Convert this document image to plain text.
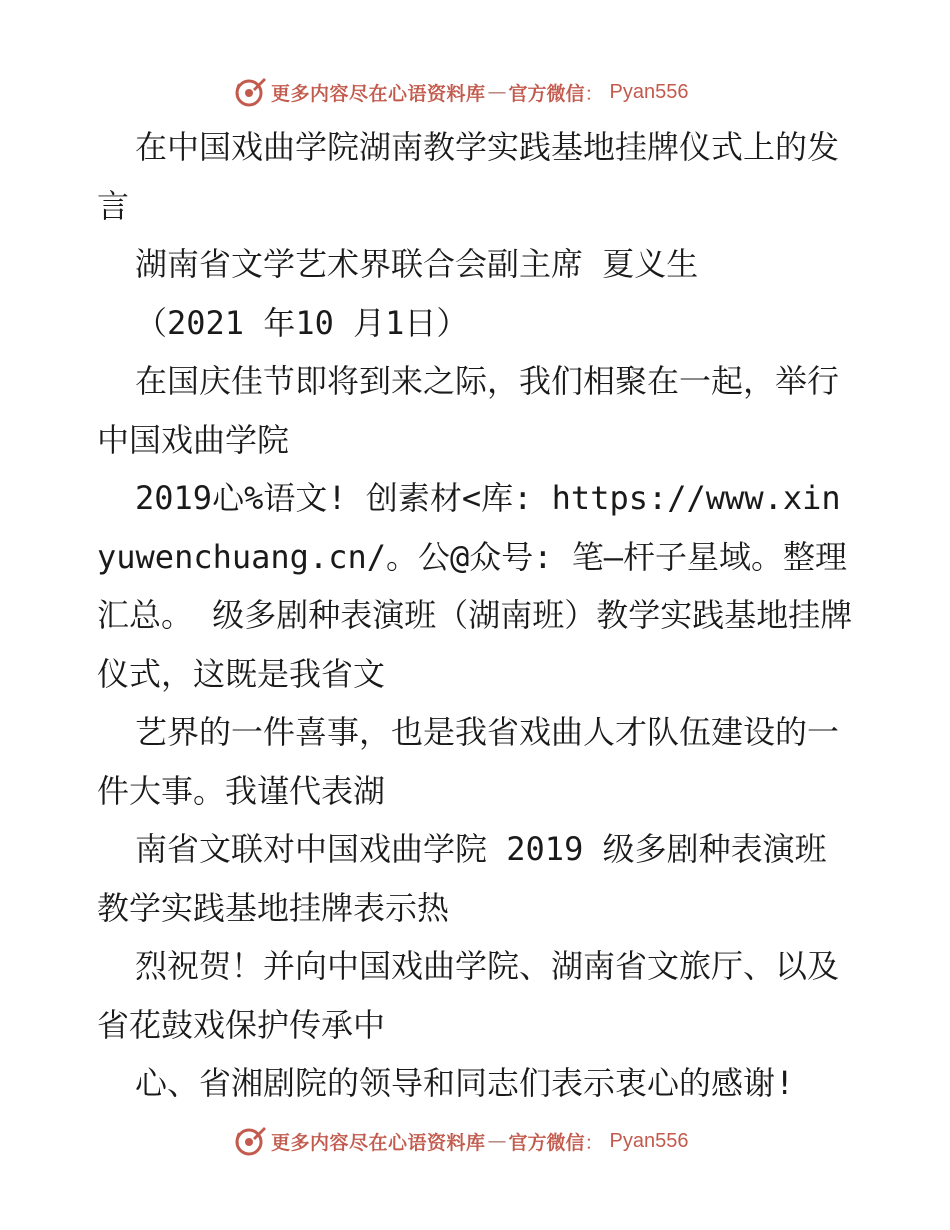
更多内容尽在心语资料库 — 官方微信 ： Pyan556

在中国戏曲学院湖南教学实践基地挂牌仪式上的发言

湖南省文学艺术界联合会副主席 夏义生

（2021 年10 月1日）

在国庆佳节即将到来之际，我们相聚在一起，举行中国戏曲学院

2019心%语文! 创素材<库: https://www.xinyuwenchuang.cn/。公@众号: 笔—杆子星域。整理汇总。 级多剧种表演班（湖南班）教学实践基地挂牌仪式，这既是我省文

艺界的一件喜事，也是我省戏曲人才队伍建设的一件大事。我谨代表湖

南省文联对中国戏曲学院 2019 级多剧种表演班教学实践基地挂牌表示热

烈祝贺！并向中国戏曲学院、湖南省文旅厅、以及省花鼓戏保护传承中

心、省湘剧院的领导和同志们表示衷心的感谢!

更多内容尽在心语资料库 — 官方微信 ： Pyan556
